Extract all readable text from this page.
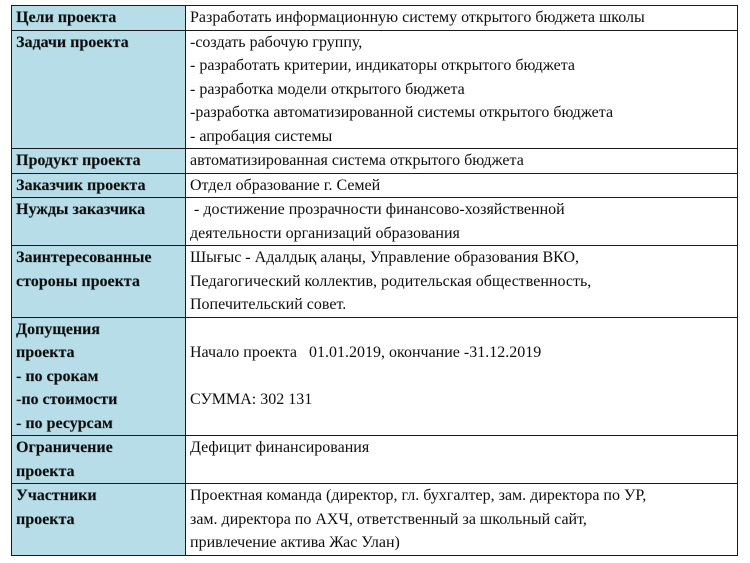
Цели проекта	Разработать информационную систему открытого бюджета школы

Задачи проекта	-создать рабочую группу,
- разработать критерии, индикаторы открытого бюджета
- разработка модели открытого бюджета
-разработка автоматизированной системы открытого бюджета
- апробация системы

Продукт проекта	автоматизированная система открытого бюджета

Заказчик проекта	Отдел образование г. Семей

Нужды заказчика	- достижение прозрачности финансово-хозяйственной
деятельности организаций образования

Заинтересованные
стороны проекта	Шығыс - Адалдық алаңы, Управление образования ВКО,
Педагогический коллектив, родительская общественность,
Попечительский совет.

Допущения
проекта
- по срокам
-по стоимости
- по ресурсам	Начало проекта   01.01.2019, окончание -31.12.2019
СУММА: 302 131

Ограничение
проекта	Дефицит финансирования

Участники
проекта	Проектная команда (директор, гл. бухгалтер, зам. директора по УР,
зам. директора по АХЧ, ответственный за школьный сайт,
привлечение актива Жас Улан)
